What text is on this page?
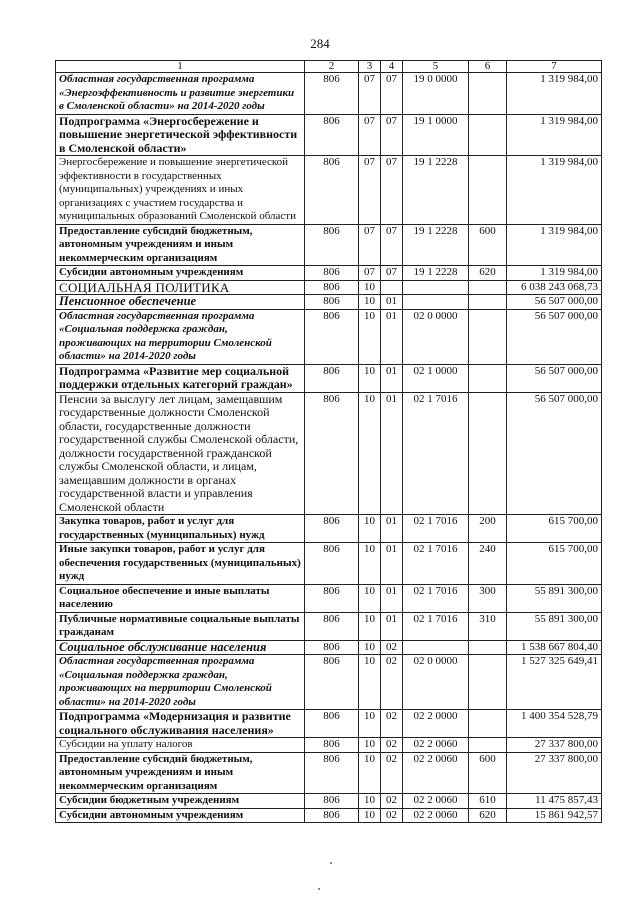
284
1	2	3	4	5	6	7
Областная государственная программа «Энергоэффективность и развитие энергетики в Смоленской области» на 2014-2020 годы	806	07	07	19 0 0000		1 319 984,00
Подпрограмма «Энергосбережение и повышение энергетической эффективности в Смоленской области»	806	07	07	19 1 0000		1 319 984,00
Энергосбережение и повышение энергетической эффективности в государственных (муниципальных) учреждениях и иных организациях с участием государства и муниципальных образований Смоленской области	806	07	07	19 1 2228		1 319 984,00
Предоставление субсидий бюджетным, автономным учреждениям и иным некоммерческим организациям	806	07	07	19 1 2228	600	1 319 984,00
Субсидии автономным учреждениям	806	07	07	19 1 2228	620	1 319 984,00
СОЦИАЛЬНАЯ ПОЛИТИКА	806	10				6 038 243 068,73
Пенсионное обеспечение	806	10	01			56 507 000,00
Областная государственная программа «Социальная поддержка граждан, проживающих на территории Смоленской области» на 2014-2020 годы	806	10	01	02 0 0000		56 507 000,00
Подпрограмма «Развитие мер социальной поддержки отдельных категорий граждан»	806	10	01	02 1 0000		56 507 000,00
Пенсии за выслугу лет лицам, замещавшим государственные должности Смоленской области, государственные должности государственной службы Смоленской области, должности государственной гражданской службы Смоленской области, и лицам, замещавшим должности в органах государственной власти и управления Смоленской области	806	10	01	02 1 7016		56 507 000,00
Закупка товаров, работ и услуг для государственных (муниципальных) нужд	806	10	01	02 1 7016	200	615 700,00
Иные закупки товаров, работ и услуг для обеспечения государственных (муниципальных) нужд	806	10	01	02 1 7016	240	615 700,00
Социальное обеспечение и иные выплаты населению	806	10	01	02 1 7016	300	55 891 300,00
Публичные нормативные социальные выплаты гражданам	806	10	01	02 1 7016	310	55 891 300,00
Социальное обслуживание населения	806	10	02			1 538 667 804,40
Областная государственная программа «Социальная поддержка граждан, проживающих на территории Смоленской области» на 2014-2020 годы	806	10	02	02 0 0000		1 527 325 649,41
Подпрограмма «Модернизация и развитие социального обслуживания населения»	806	10	02	02 2 0000		1 400 354 528,79
Субсидии на уплату налогов	806	10	02	02 2 0060		27 337 800,00
Предоставление субсидий бюджетным, автономным учреждениям и иным некоммерческим организациям	806	10	02	02 2 0060	600	27 337 800,00
Субсидии бюджетным учреждениям	806	10	02	02 2 0060	610	11 475 857,43
Субсидии автономным учреждениям	806	10	02	02 2 0060	620	15 861 942,57
